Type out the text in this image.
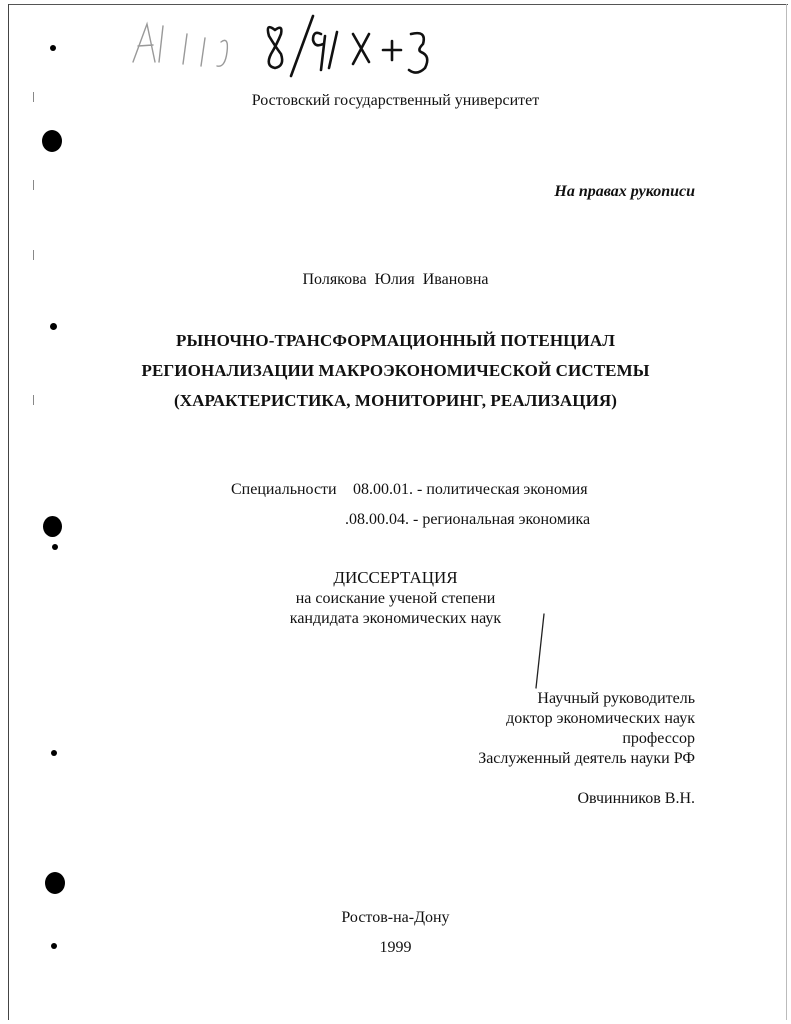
Ростовский государственный университет
На правах рукописи
Полякова  Юлия  Ивановна
РЫНОЧНО-ТРАНСФОРМАЦИОННЫЙ ПОТЕНЦИАЛ
РЕГИОНАЛИЗАЦИИ МАКРОЭКОНОМИЧЕСКОЙ СИСТЕМЫ
(ХАРАКТЕРИСТИКА, МОНИТОРИНГ, РЕАЛИЗАЦИЯ)
Специальности 08.00.01. - политическая экономия
.08.00.04. - региональная экономика
ДИССЕРТАЦИЯ
на соискание ученой степени
кандидата экономических наук
Научный руководитель
доктор экономических наук
профессор
Заслуженный деятель науки РФ
Овчинников В.Н.
Ростов-на-Дону
1999
